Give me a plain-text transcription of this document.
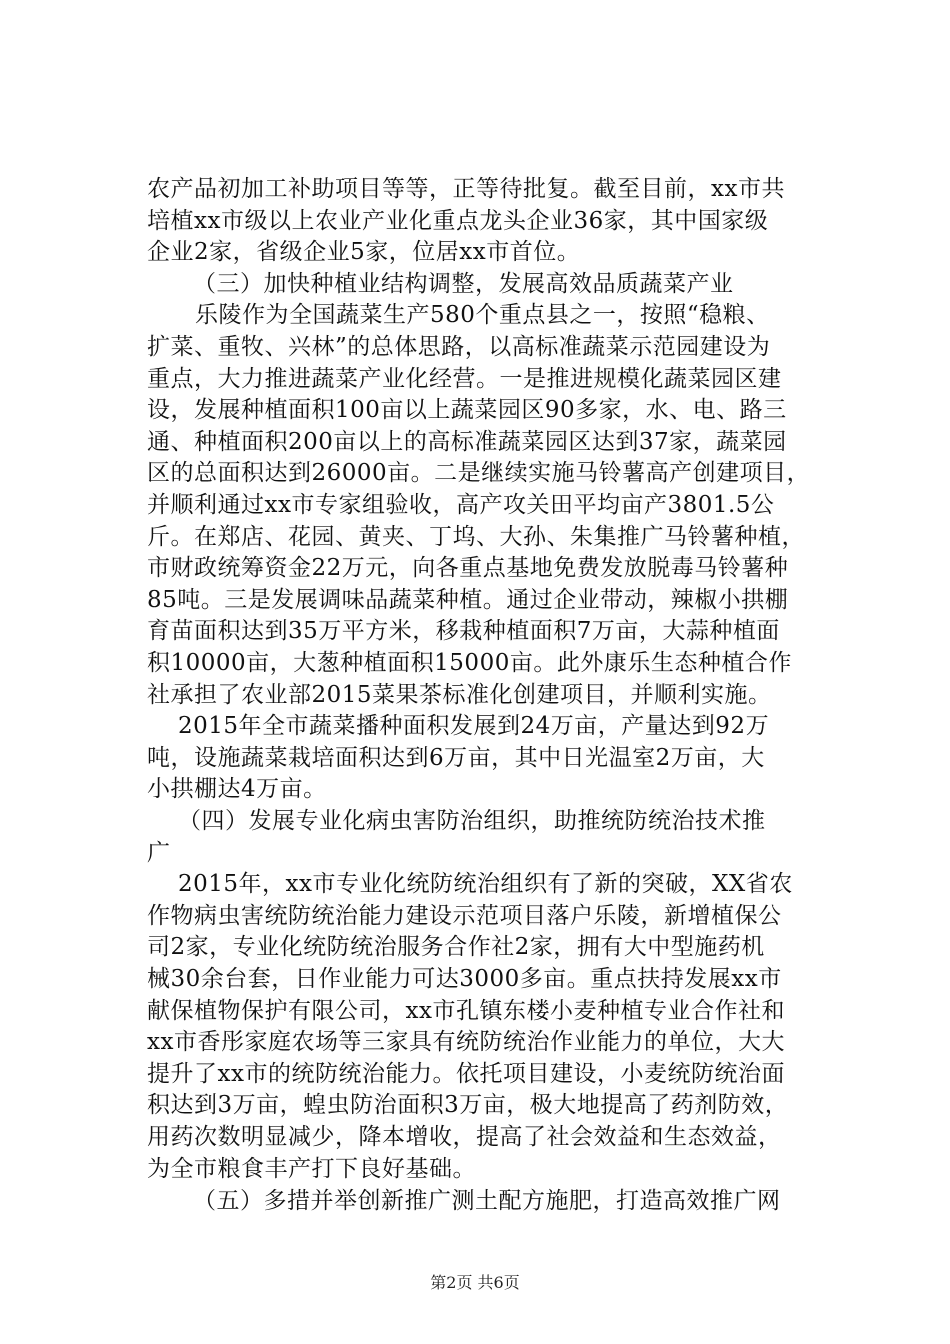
农产品初加工补助项目等等，正等待批复。截至目前，xx市共
培植xx市级以上农业产业化重点龙头企业36家，其中国家级
企业2家，省级企业5家，位居xx市首位。
（三）加快种植业结构调整，发展高效品质蔬菜产业
乐陵作为全国蔬菜生产580个重点县之一，按照“稳粮、
扩菜、重牧、兴林”的总体思路，以高标准蔬菜示范园建设为
重点，大力推进蔬菜产业化经营。一是推进规模化蔬菜园区建
设，发展种植面积100亩以上蔬菜园区90多家，水、电、路三
通、种植面积200亩以上的高标准蔬菜园区达到37家，蔬菜园
区的总面积达到26000亩。二是继续实施马铃薯高产创建项目，
并顺利通过xx市专家组验收，高产攻关田平均亩产3801.5公
斤。在郑店、花园、黄夹、丁坞、大孙、朱集推广马铃薯种植，
市财政统筹资金22万元，向各重点基地免费发放脱毒马铃薯种
85吨。三是发展调味品蔬菜种植。通过企业带动，辣椒小拱棚
育苗面积达到35万平方米，移栽种植面积7万亩，大蒜种植面
积10000亩，大葱种植面积15000亩。此外康乐生态种植合作
社承担了农业部2015菜果茶标准化创建项目，并顺利实施。
2015年全市蔬菜播种面积发展到24万亩，产量达到92万
吨，设施蔬菜栽培面积达到6万亩，其中日光温室2万亩，大
小拱棚达4万亩。
（四）发展专业化病虫害防治组织，助推统防统治技术推
广
2015年，xx市专业化统防统治组织有了新的突破，XX省农
作物病虫害统防统治能力建设示范项目落户乐陵，新增植保公
司2家，专业化统防统治服务合作社2家，拥有大中型施药机
械30余台套，日作业能力可达3000多亩。重点扶持发展xx市
献保植物保护有限公司，xx市孔镇东楼小麦种植专业合作社和
xx市香彤家庭农场等三家具有统防统治作业能力的单位，大大
提升了xx市的统防统治能力。依托项目建设，小麦统防统治面
积达到3万亩，蝗虫防治面积3万亩，极大地提高了药剂防效，
用药次数明显减少，降本增收，提高了社会效益和生态效益，
为全市粮食丰产打下良好基础。
（五）多措并举创新推广测土配方施肥，打造高效推广网
第2页 共6页
